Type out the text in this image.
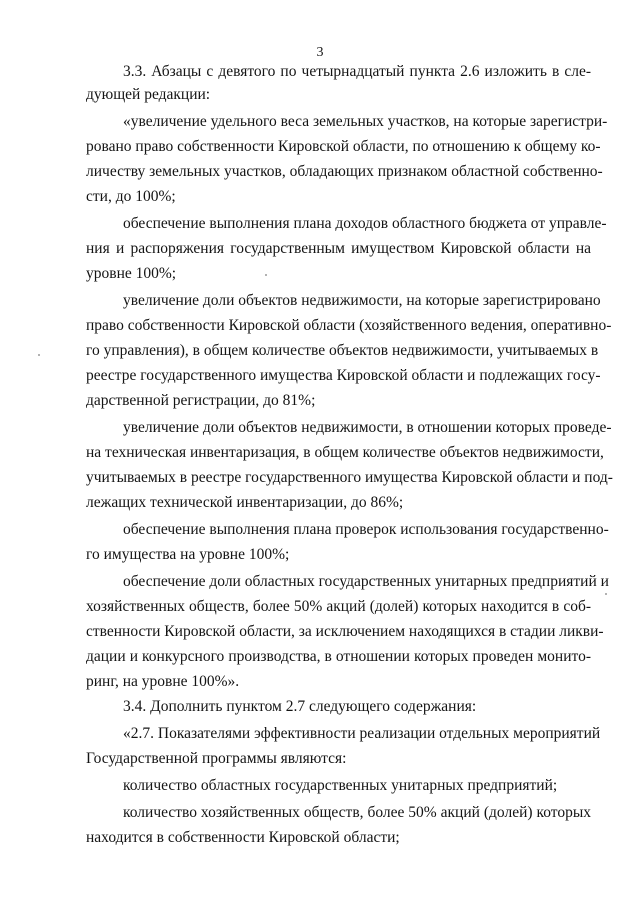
3
3.3. Абзацы с девятого по четырнадцатый пункта 2.6 изложить в сле-
дующей редакции:
«увеличение удельного веса земельных участков, на которые зарегистри-
ровано право собственности Кировской области, по отношению к общему ко-
личеству земельных участков, обладающих признаком областной собственно-
сти, до 100%;
обеспечение выполнения плана доходов областного бюджета от управле-
ния и распоряжения государственным имуществом Кировской области на
уровне 100%;
увеличение доли объектов недвижимости, на которые зарегистрировано
право собственности Кировской области (хозяйственного ведения, оперативно-
го управления), в общем количестве объектов недвижимости, учитываемых в
реестре государственного имущества Кировской области и подлежащих госу-
дарственной регистрации, до 81%;
увеличение доли объектов недвижимости, в отношении которых проведе-
на техническая инвентаризация, в общем количестве объектов недвижимости,
учитываемых в реестре государственного имущества Кировской области и под-
лежащих технической инвентаризации, до 86%;
обеспечение выполнения плана проверок использования государственно-
го имущества на уровне 100%;
обеспечение доли областных государственных унитарных предприятий и
хозяйственных обществ, более 50% акций (долей) которых находится в соб-
ственности Кировской области, за исключением находящихся в стадии ликви-
дации и конкурсного производства, в отношении которых проведен монито-
ринг, на уровне 100%».
3.4. Дополнить пунктом 2.7 следующего содержания:
«2.7. Показателями эффективности реализации отдельных мероприятий
Государственной программы являются:
количество областных государственных унитарных предприятий;
количество хозяйственных обществ, более 50% акций (долей) которых
находится в собственности Кировской области;
